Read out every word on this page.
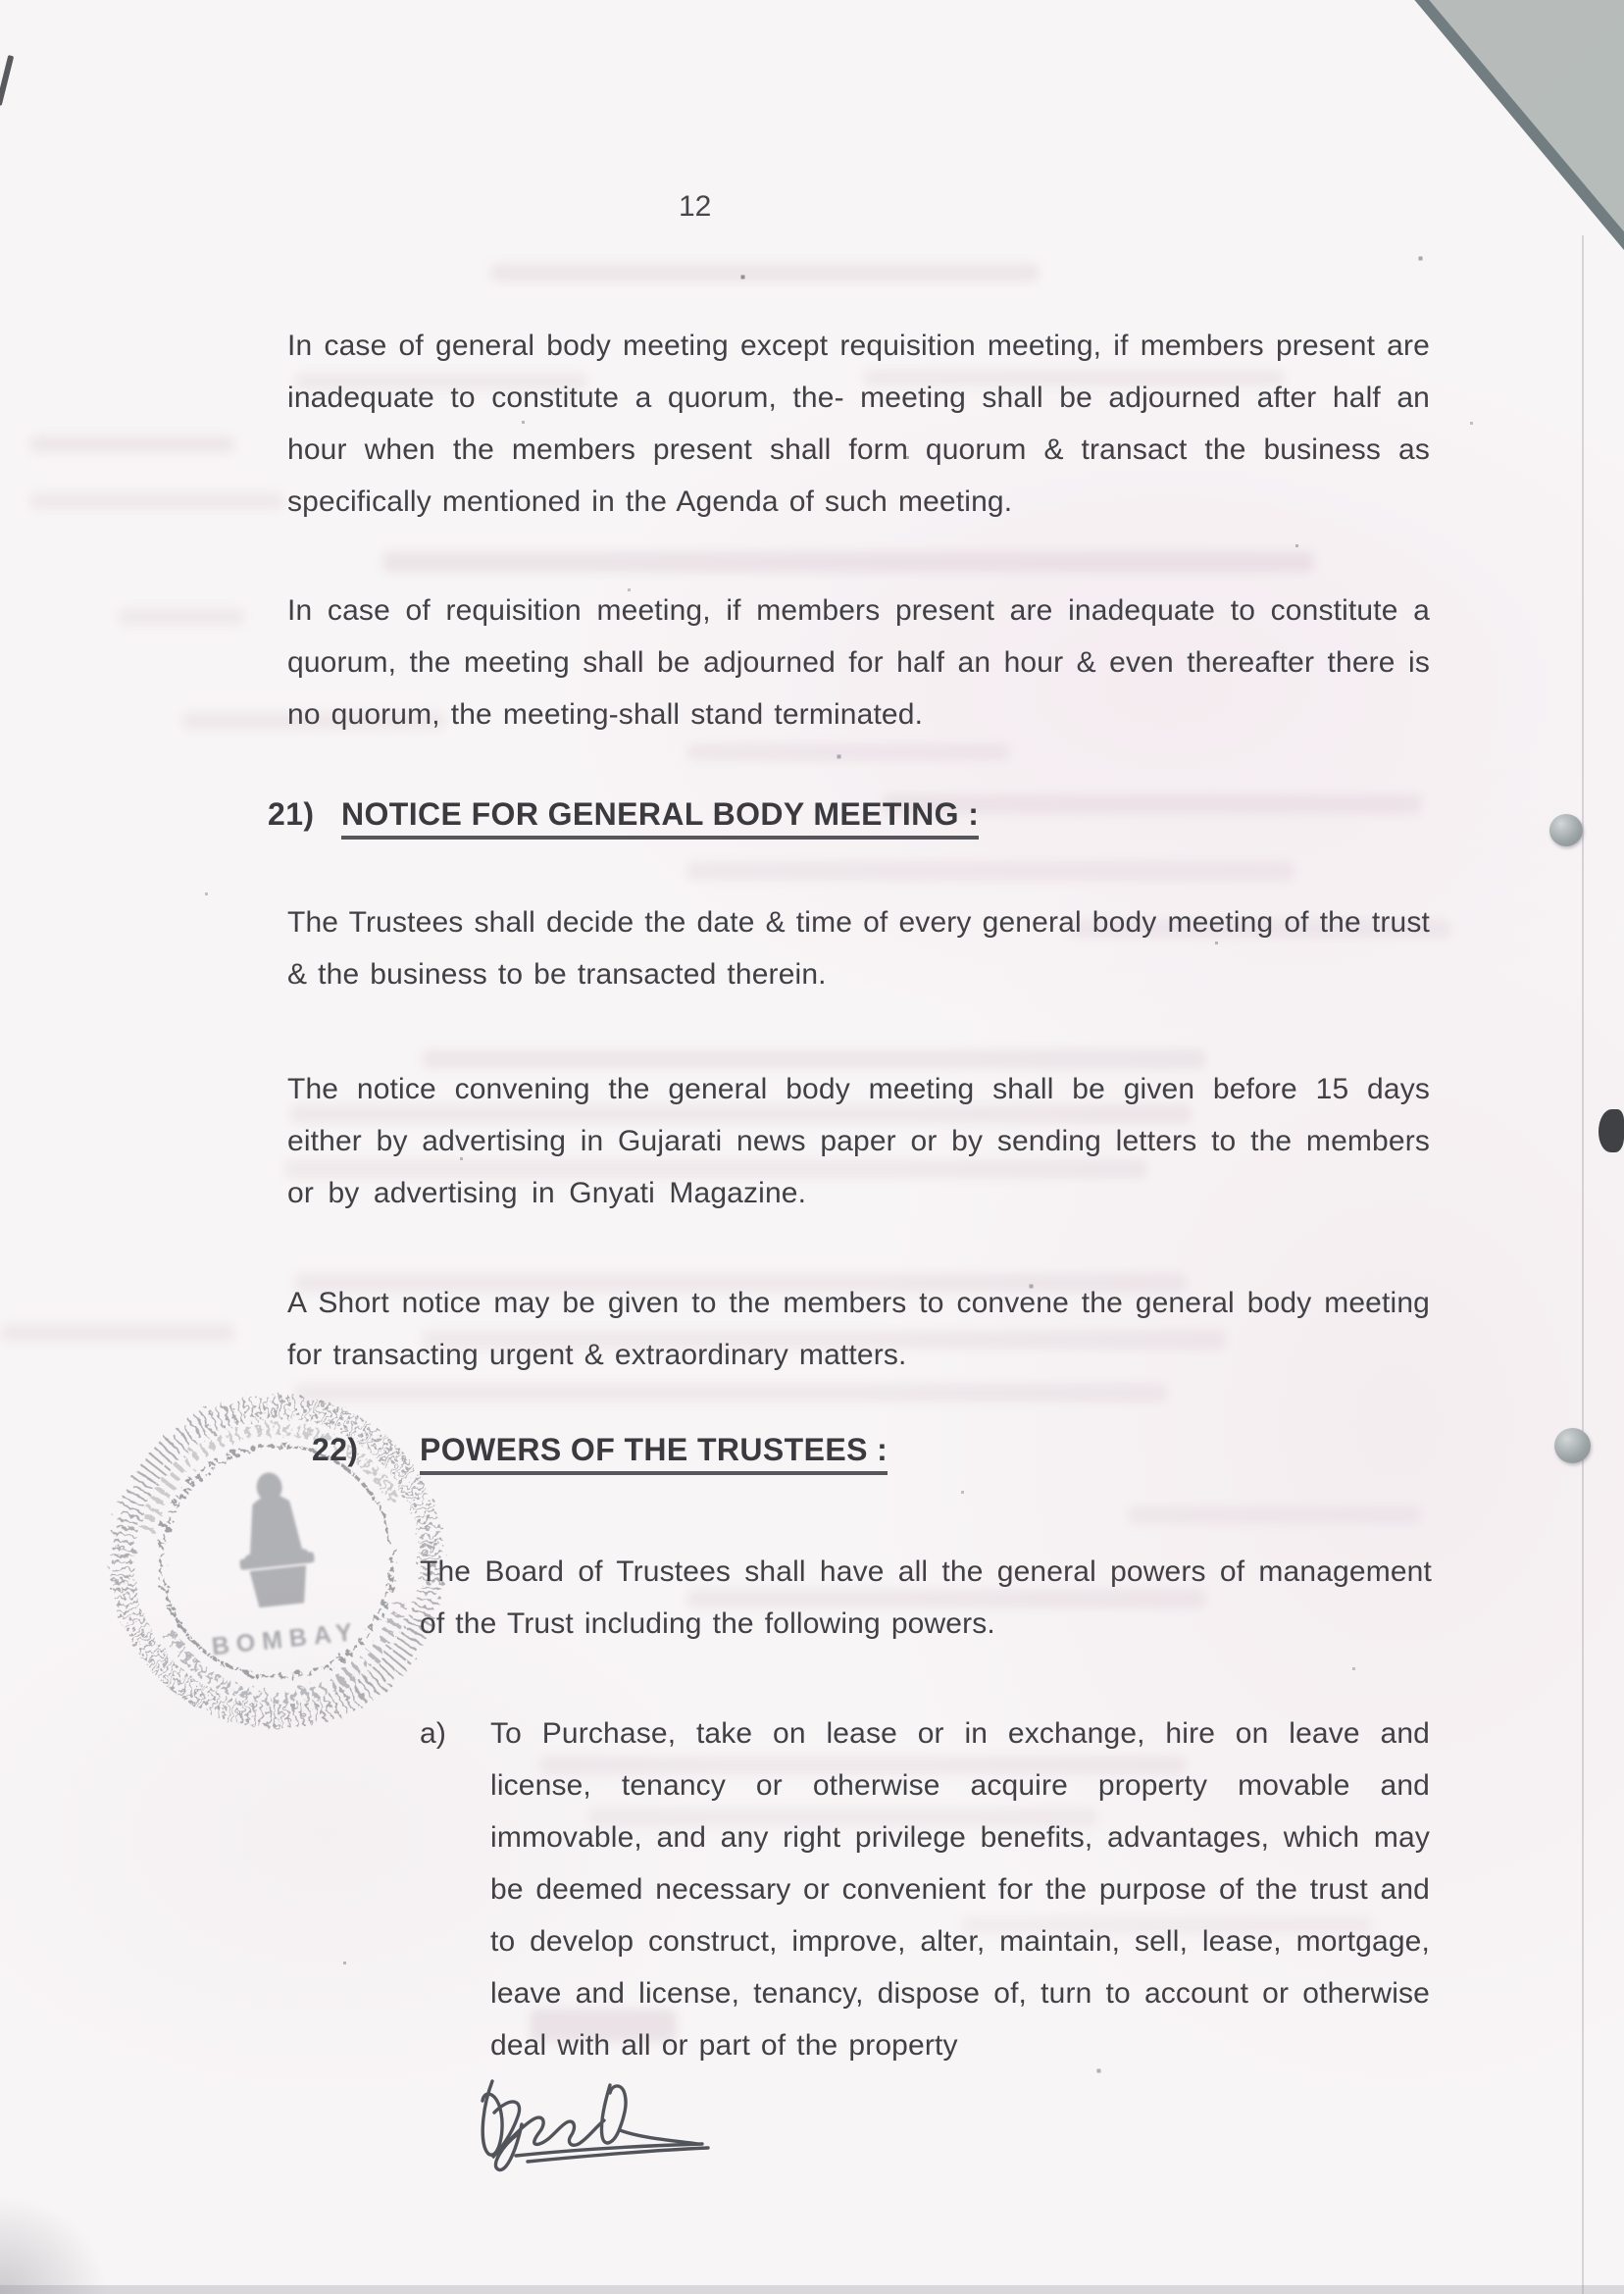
12
In case of general body meeting except requisition meeting, if members present are inadequate to constitute a quorum, the- meeting shall be adjourned after half an hour when the members present shall form quorum & transact the business as specifically mentioned in the Agenda of such meeting.
In case of requisition meeting, if members present are inadequate to constitute a quorum, the meeting shall be adjourned for half an hour & even thereafter there is no quorum, the meeting-shall stand terminated.
21) NOTICE FOR GENERAL BODY MEETING :
The Trustees shall decide the date & time of every general body meeting of the trust & the business to be transacted therein.
The notice convening the general body meeting shall be given before 15 days either by advertising in Gujarati news paper or by sending letters to the members or by advertising in Gnyati Magazine.
A Short notice may be given to the members to convene the general body meeting for transacting urgent & extraordinary matters.
22) POWERS OF THE TRUSTEES :
The Board of Trustees shall have all the general powers of management of the Trust including the following powers.
a)	To Purchase, take on lease or in exchange, hire on leave and license, tenancy or otherwise acquire property movable and immovable, and any right privilege benefits, advantages, which may be deemed necessary or convenient for the purpose of the trust and to develop construct, improve, alter, maintain, sell, lease, mortgage, leave and license, tenancy, dispose of, turn to account or otherwise deal with all or part of the property
BOMBAY
